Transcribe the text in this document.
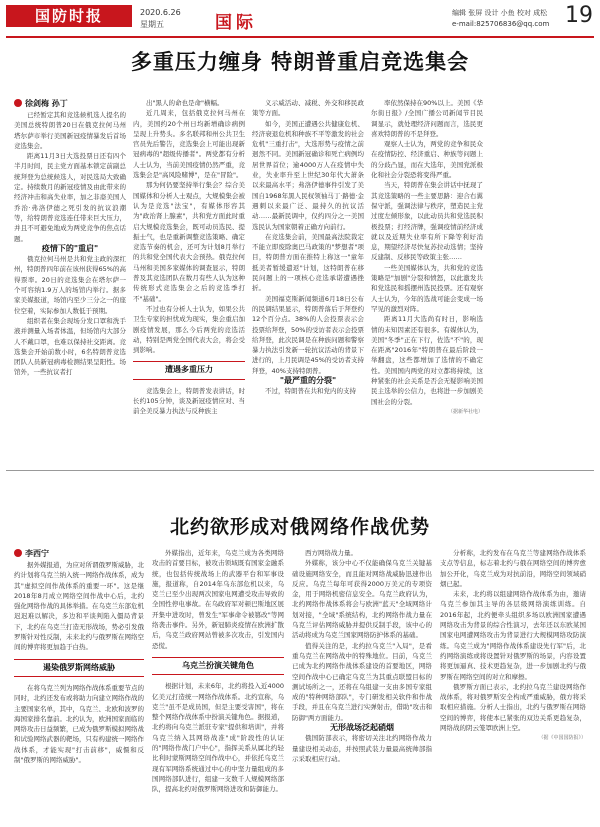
国防时报	2020.6.26
星期五	国际	编辑 张屏 设计 小鱼 校对 成松
e-mail:825706836@qq.com 19
多重压力缠身 特朗普重启竞选集会
徐剑梅 孙丁

已经暂定其和竞选候机选人提名的美国总统特朗普20日在俄克拉何马州塔尔萨市举行美国新冠疫情暴发后首场竞选集会。

距离11月3日大选投票日还有四个半月时间，民主党方面基本锁定前副总统拜登为总统候选人，对民选局大致确定。持续数月的新冠疫情及由此带来的经济冲击和高失业率，加之非裔美国人乔治·弗洛伊德之死引发的抗议浪潮等，给特朗普竞选连任带来巨大压力，并且不可避免地成为两党竞争的焦点话题。

疫情下的"重启"

俄克拉何马州是共和党主政的深红州，特朗普四年前在该州获得65%的高得票率。20日的竞选集会在塔尔萨一个可容纳1.9万人的场馆内举行。据多家美媒报道，场馆内至少三分之一的座位空着，实际参加人数低于预期。

组织者在集会现场分发口罩和洗手液并测量入场者体温，但场馆内大部分人不戴口罩，也难以保持社交距离。竞选集会开始前数小时，6名特朗普竞选团队人员新冠病毒检测结果呈阳性。场馆外，一些抗议者打

出"黑人的命也是命"横幅。

近几周来，包括俄克拉何马州在内，美国约20个州日均新增确诊病例呈现上升势头。多名联邦和州公共卫生官员先后警告，竞选集会上可能出现新冠病毒的"超级传播者"。两党都有分析人士认为，当前美国疫情仍然严重，竞选集会是"高风险赌博"，是在"冒险"。

那为何仍要坚持举行集会？综合美国媒体和分析人士观点，大规模集会被认为是竞选"法宝"，有媒体形容其为"政治肾上腺素"，共和党方面此时重启大规模竞选集会，既可动员选民、提振士气，也是重新调整竞选策略、确定竞选节奏的机会，还可为计划8月举行的共和党全国代表大会预热。俄克拉何马州和美国多家媒体的调查显示，特朗普及其竞选团队在数月有些人认为这种传统形式竞选集会之后的竞选季打不"基础"。

不过也有分析人士认为，如果公共卫生专家的担忧成为现实，集会重启加剧疫情发展，那么今后两党的竞选活动，特别是两党全国代表大会，将会受到影响。

遭遇多重压力

竞选集会上，特朗普发表讲话，时长约105分钟，谈及新冠疫情应对、当前全美反暴力执法与反种族主

义示威活动、减税、外交和移民政策等方面。

如今，美国正遭遇公共健康危机、经济衰退危机和种族不平等激发的社会危机"三重打击"，大选形势与疫情之前迥然不同。美国新冠确诊和死亡病例均居世界首位；逾4000万人在疫情中失业，失业率升至上世纪30年代大萧条以来最高水平；弗洛伊德事件引发了美国自1968年黑人民权领袖马丁·路德·金遇刺以来最广泛、最持久的抗议活动……最新民调中，仅约四分之一美国选民认为国家朝着正确方向前行。

在竞选集会前，美国最高法院裁定不能立即废除奥巴马政策的"梦想者"项目，特朗普方面在推特上称这一"童年抵美者暂缓遣返"计划，这特朗普在移民问题上的一项核心竞选承诺遭遇挫折。

美国福克斯新闻频道6月18日公布的民调结果显示，特朗普落后于拜登约12个百分点。38%的人会投票表示会投票给拜登，50%的受访者表示会投票给拜登，此次民调是在种族问题和警察暴力执法引发新一轮抗议活动的背景下进行的，上月民调是45%的受访者支持拜登，40%支持特朗普。

"最严重的分裂"

不过，特朗普在共和党内的支持

率依然保持在90%以上。美国《华尔街日报》/全国广播公司新闻节目民调显示，就处理经济问题而言，选民更喜欢特朗普的不是拜登。

观察人士认为，两党的竞争和民众在疫情防控、经济重启、种族等问题上的分歧凸显，而在大选年，美国党派极化和社会分裂恐将变得严重。

当天，特朗普在集会讲话中抚现了其竞选策略的一些主要思路：迎合右翼保守派，强调法律与秩序，塑造民主党过度左倾形象，以此动员共和党选民积极投票；打经济牌，强调疫情前经济成就以及近期失业率有所下降等利好消息，期望经济尽快复苏拉动选情；坚持反建制、反移民等政策主张……

一些美国媒体认为，共和党的竞选策略是"加剧"分裂和愤怒，以此激发共和党选民和摇摆州选民投票。还有观察人士认为，今年的选战可能会变成一场罕见的激烈对阵。

距离11月大选尚有时日，影响选情的未知因素还有很多。有媒体认为，美国"冬季"正在下行，佐选"不"的，现在距离"2016年"特朗普在最后阶段一举翻盘，这些都增加了选情的不确定性。美国国内两党的对立都将持续，这种紧张的社会关系是否会无疑影响美国民主选举的公信力，也将进一步加剧美国社会的分裂。

（据新华社电）

北约欲形成对俄网络作战优势
李西宁

据外媒报道，为应对所谓俄罗斯威胁，北约计划将乌克兰纳入统一网络作战体系，成为其"虚拟空间作战体系的重要一环"。这是继2018年8月成立网络空间作战中心后，北约强化网络作战的具体举措。在乌克兰东部危机迟迟难以解决，多边和平谈判陷入僵局背景下，北约在乌克兰打造无形战场，势必引发俄罗斯针对性反制，未来北约与俄罗斯在网络空间的博弈将更加趋于白热。

遏染俄罗斯网络威胁

在将乌克兰列为网络作战体系重要节点的同时，北约还发布或将助力向建立网络作战的主要国家名单，其中，乌克兰、北欧和波罗的海国家排名靠前。北约认为，欧洲国家面临的网络攻击日益频繁，已成为俄罗斯模拟网络战和试验网络武器的靶场，只有构建统一网络作战体系，才能实现"打击前移"，威慑和反制"俄罗斯的网络威胁"。

外媒指出，近年来，乌克兰成为各类网络攻击的首要目标，被攻击领域既有国家金融系统，也包括传统战场上的武器平台和军事设施，报道称，自2014年乌东部危机以来，乌克兰已至少出现两次国家电网遭受攻击导致的全国性停电事故。在乌政府军对顿巴斯地区展开集中进攻时，曾发生"军事命令被篡改"等网络袭击事件。另外，新冠肺炎疫情在欧洲扩散后，乌克兰政府网站曾被多次攻击，引发国内恐慌。

乌克兰扮演关键角色

根据计划，未来6年，北约将投入近4000亿美元打造统一网络作战体系。北约宣称，乌克兰"虽不是成员国，但是主要受害国"，将在整个网络作战体系中扮演关键角色。据报道，北约将向乌克兰派驻专家"提供和培训"，并将乌克兰纳入其网络战准"成"阶段性的认证的"网络作战门户中心"，指挥关系从属北约轻比利时蒙斯网络空间作战中心，并依托乌克兰现有军网络系统通过中心的中坚力量组成的多国网络部队进行，组建一支数千人规模网络部队，提高北约对俄罗斯网络进攻和防御能力。

西方网络战力量。

外媒称，该分中心不仅能确保乌克兰关键基础设施网络安全，而且能对网络战威胁迅速作出反应。乌克兰每年可获得2000万美元的专项资金，用于网络机密信息安全。乌克兰政府认为，北约网络作战体系将会与欧洲"蓝天"全域网络计划对接，"全域"系统结构，北约网络作战力量在乌克兰评估网络威胁并提供反制手段，该中心的活动将成为乌克兰国家网络防护体系的基础。

值得关注的是，北约拉乌克兰"入局"，是看重乌克兰在网络战中的特殊地位。目前，乌克兰已成为北约网络作战体系建设的首要地区，网络空间作战中心已确定乌克兰为其重点联盟目标的测试场所之一，还将在乌组建一支由多国专家组成的"特种网络部队"，专门研发相关软件和作战手段，并且在乌克兰进行实弹射击，借助"攻击和防御"两方面能力。

无形战场泛起硝烟

俄国防部表示，将密切关注北约网络作战力量建设相关动态，并按照武装力量最高统帅部指示采取相应行动。

分析称，北约发布在乌克兰等建网络作战体系支点等信息，标志着北约与俄在网络空间的博弈愈加公开化，乌克兰成为对抗前沿，网络空间领域硝烟已起。

未来，北约将以组建网络作战体系为由，邀请乌克兰参加其主导的各层级网络演练训练。自2016年起，北约便牵头组织多场以欧洲国家遭遇网络攻击为背景的综合性演习，去年还以东欧某国国家电网遭网络攻击为背景进行大规模网络攻防演练。乌克兰成为"网络作战体系建设先行军"后，北约网络演练或将设置针对俄罗斯的场景，内容设置将更加逼真、技术更趋复杂，进一步加剧北约与俄罗斯在网络空间的对立和摩擦。

俄罗斯方面已表示，北约拉乌克兰建设网络作战体系，将对俄罗斯安全构成严重威胁，俄方将采取相应措施。分析人士指出，北约与俄罗斯在网络空间的博弈，将使本已紧张的双边关系更趋复杂，网络战的阴云笼罩欧洲上空。

（据《中国国防报》）
